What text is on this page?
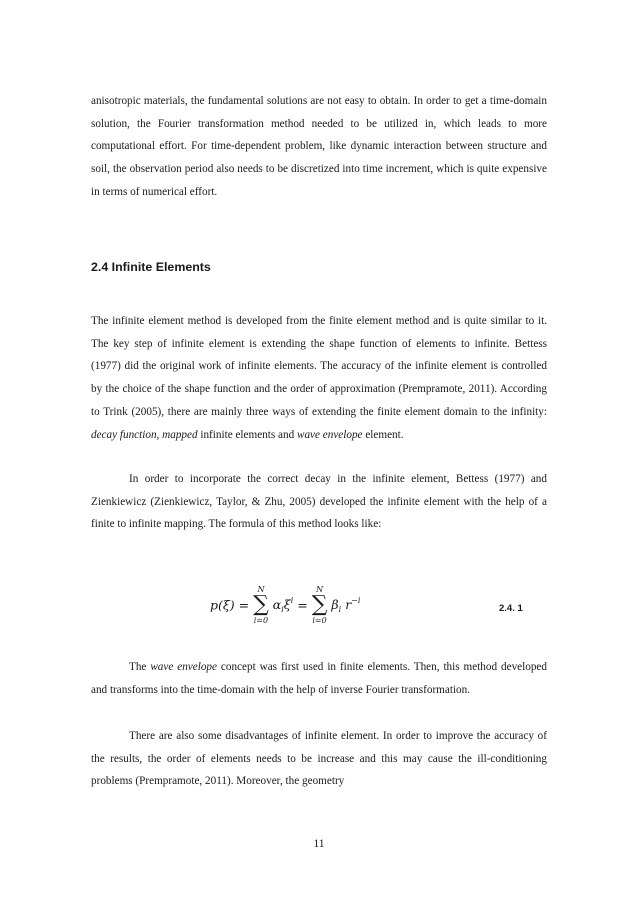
anisotropic materials, the fundamental solutions are not easy to obtain. In order to get a time-domain solution, the Fourier transformation method needed to be utilized in, which leads to more computational effort. For time-dependent problem, like dynamic interaction between structure and soil, the observation period also needs to be discretized into time increment, which is quite expensive in terms of numerical effort.
2.4 Infinite Elements
The infinite element method is developed from the finite element method and is quite similar to it. The key step of infinite element is extending the shape function of elements to infinite. Bettess (1977) did the original work of infinite elements. The accuracy of the infinite element is controlled by the choice of the shape function and the order of approximation (Prempramote, 2011). According to Trink (2005), there are mainly three ways of extending the finite element domain to the infinity: decay function, mapped infinite elements and wave envelope element.
In order to incorporate the correct decay in the infinite element, Bettess (1977) and Zienkiewicz (Zienkiewicz, Taylor, & Zhu, 2005) developed the infinite element with the help of a finite to infinite mapping. The formula of this method looks like:
p(ξ) =
N
∑
i=0
$\alpha_i\xi^i$ =
N
∑
i=0
$\beta_i$ $r^{-i}$
2.4. 1
The wave envelope concept was first used in finite elements. Then, this method developed and transforms into the time-domain with the help of inverse Fourier transformation.
There are also some disadvantages of infinite element. In order to improve the accuracy of the results, the order of elements needs to be increase and this may cause the ill-conditioning problems (Prempramote, 2011). Moreover, the geometry
11
